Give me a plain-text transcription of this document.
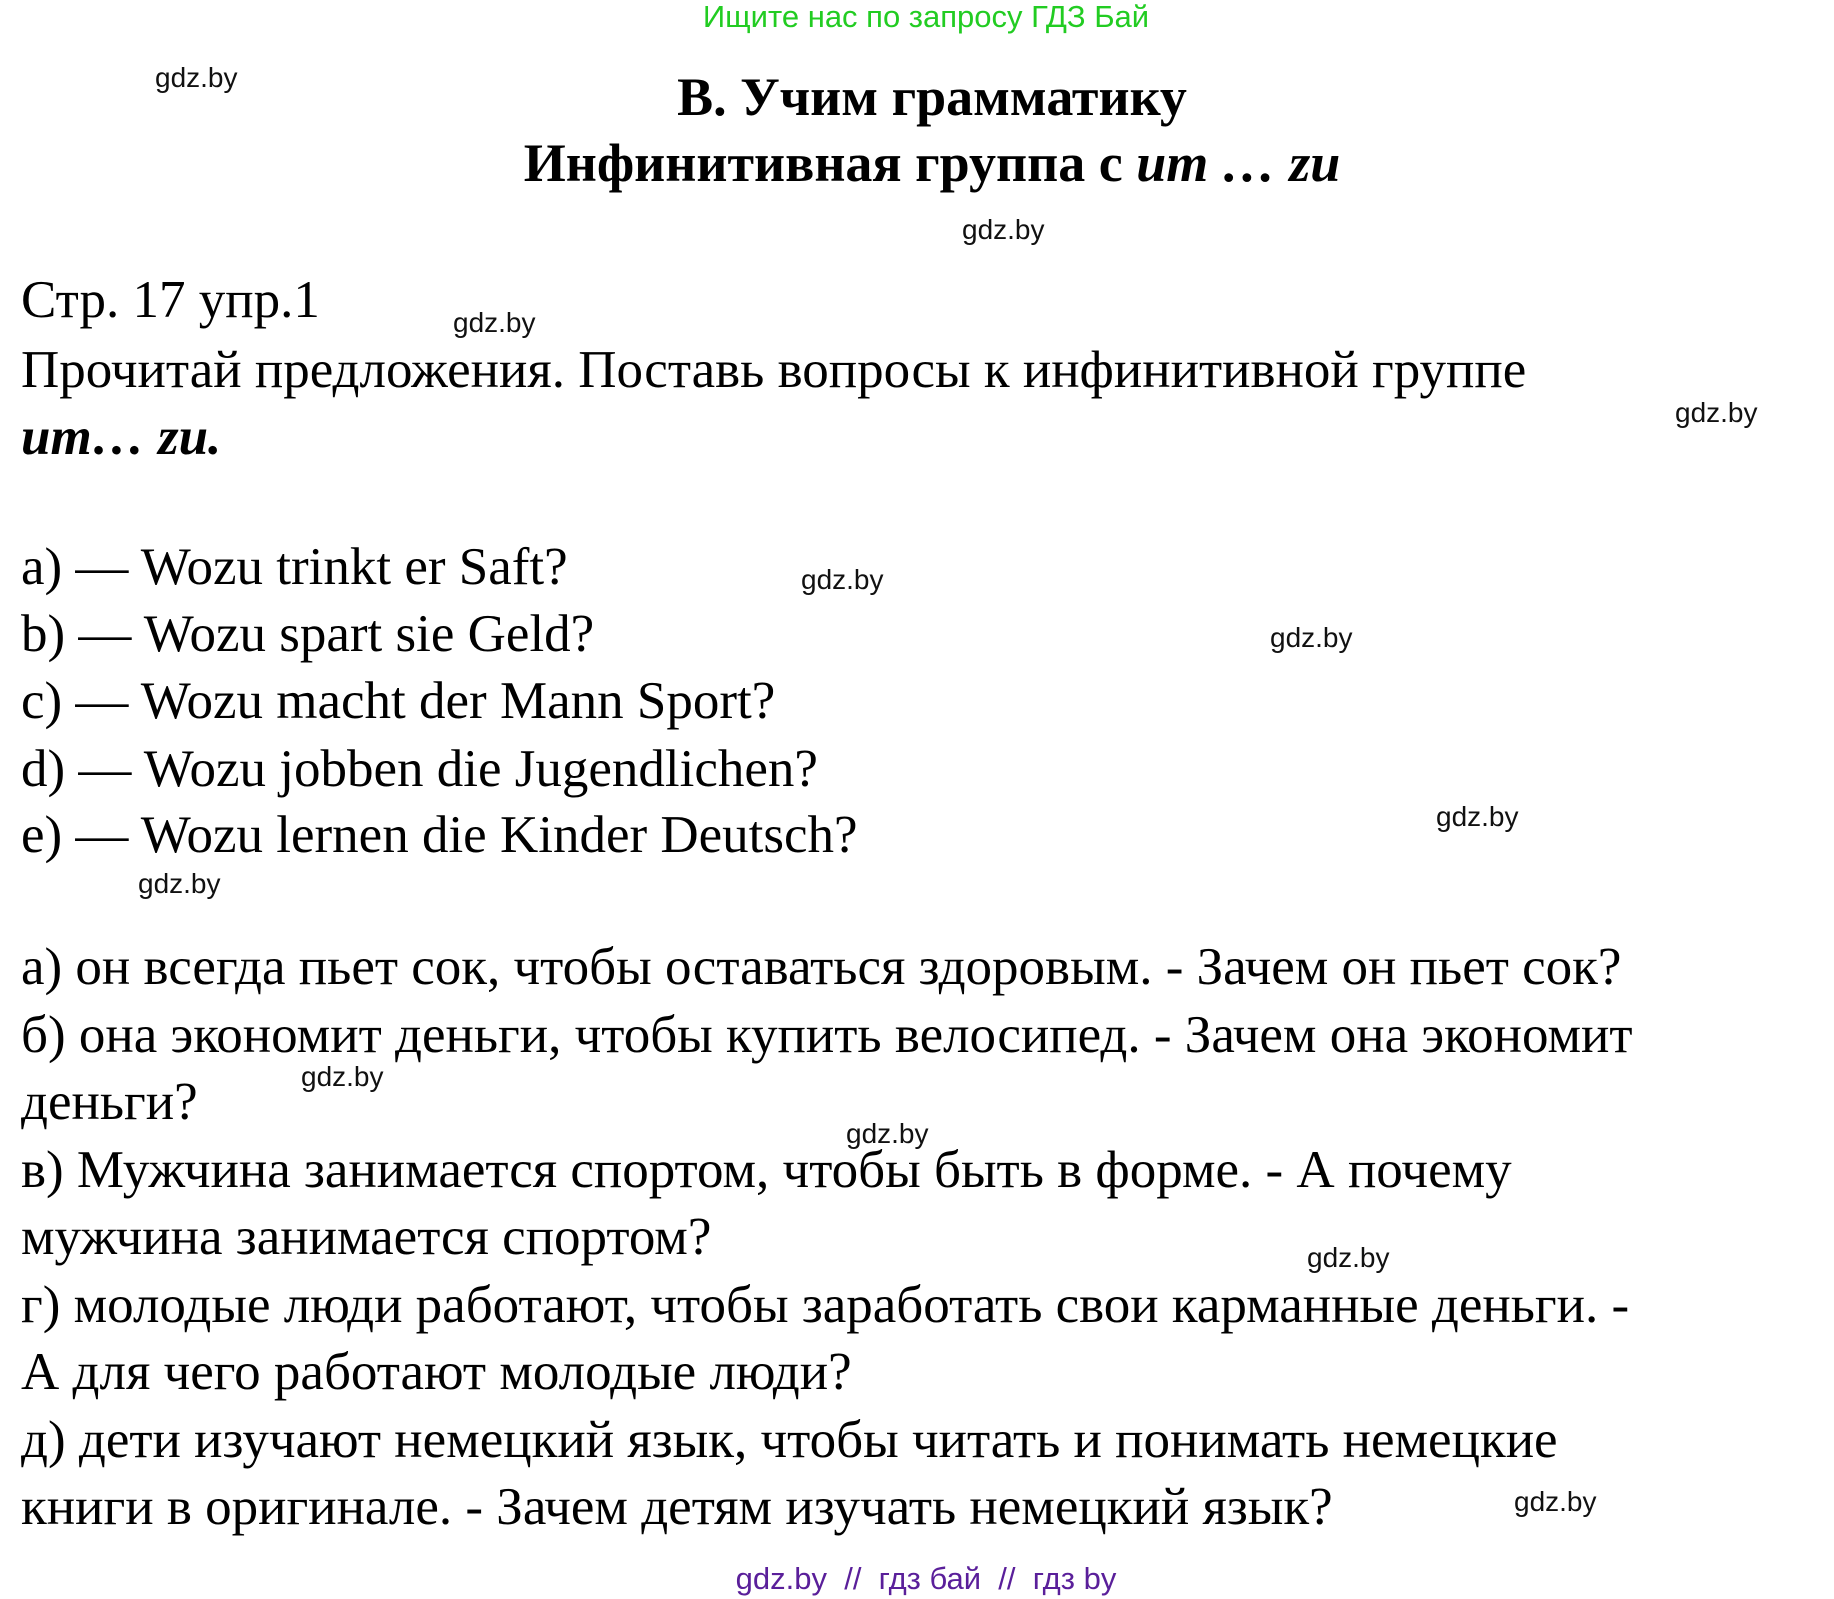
Ищите нас по запросу ГДЗ Бай
В. Учим грамматику
Инфинитивная группа с um … zu
Стр. 17 упр.1
Прочитай предложения. Поставь вопросы к инфинитивной группе
um… zu.
a) — Wozu trinkt er Saft?
b) — Wozu spart sie Geld?
c) — Wozu macht der Mann Sport?
d) — Wozu jobben die Jugendlichen?
e) — Wozu lernen die Kinder Deutsch?
а) он всегда пьет сок, чтобы оставаться здоровым. - Зачем он пьет сок?
б) она экономит деньги, чтобы купить велосипед. - Зачем она экономит
деньги?
в) Мужчина занимается спортом, чтобы быть в форме. - А почему
мужчина занимается спортом?
г) молодые люди работают, чтобы заработать свои карманные деньги. -
А для чего работают молодые люди?
д) дети изучают немецкий язык, чтобы читать и понимать немецкие
книги в оригинале. - Зачем детям изучать немецкий язык?
gdz.by
gdz.by
gdz.by
gdz.by
gdz.by
gdz.by
gdz.by
gdz.by
gdz.by
gdz.by
gdz.by
gdz.by
gdz.by  //  гдз бай  //  гдз by
